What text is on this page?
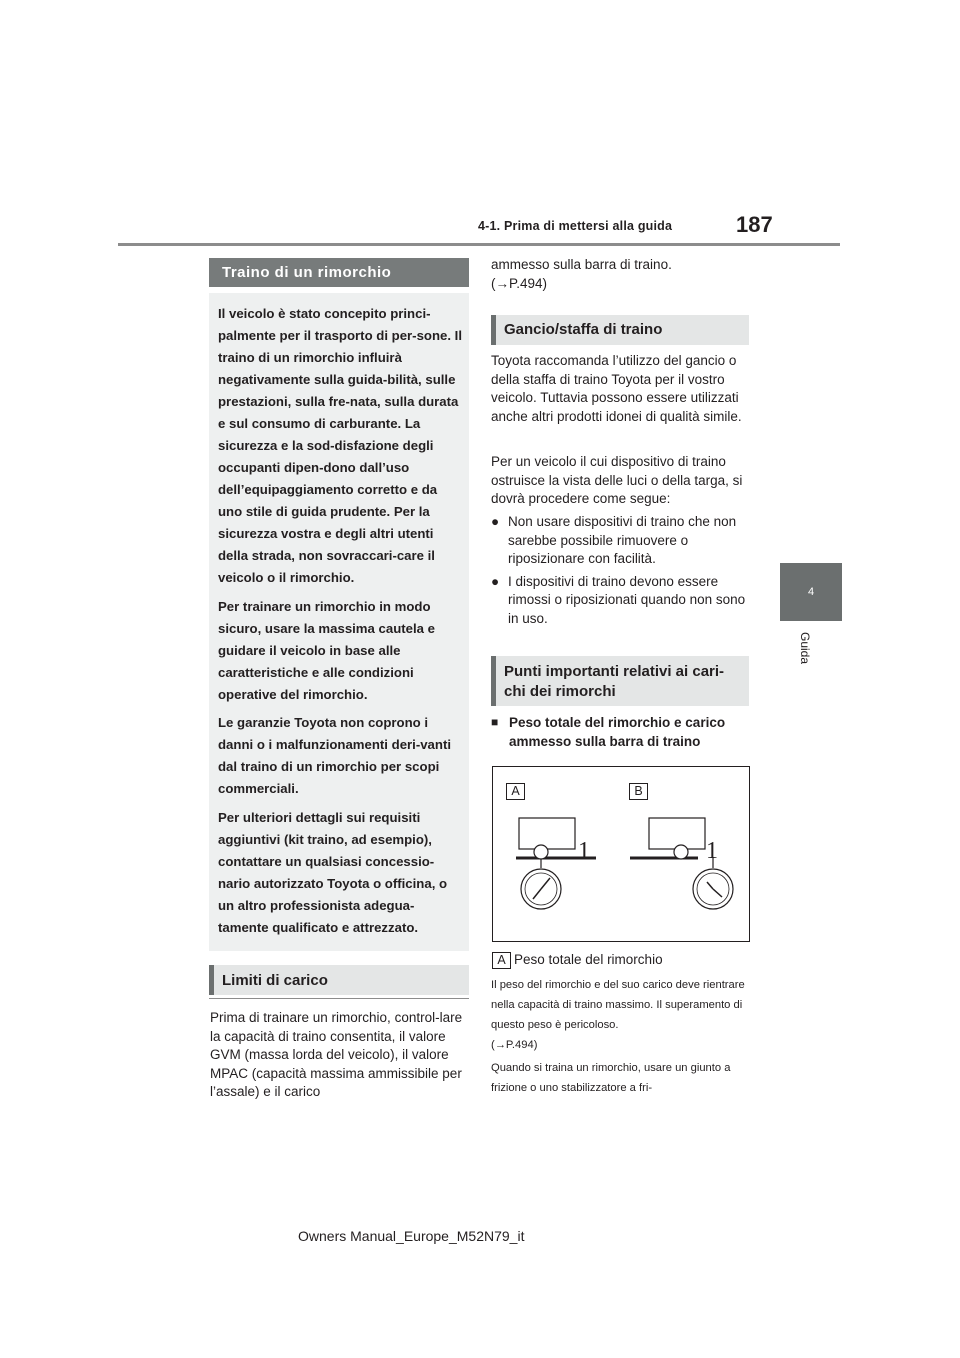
4-1. Prima di mettersi alla guida	187
4
Guida
Traino di un rimorchio

Il veicolo è stato concepito princi-palmente per il trasporto di per-sone. Il traino di un rimorchio influirà negativamente sulla guida-bilità, sulle prestazioni, sulla fre-nata, sulla durata e sul consumo di carburante. La sicurezza e la sod-disfazione degli occupanti dipen-dono dall’uso dell’equipaggiamento corretto e da uno stile di guida prudente. Per la sicurezza vostra e degli altri utenti della strada, non sovraccari-care il veicolo o il rimorchio.

Per trainare un rimorchio in modo sicuro, usare la massima cautela e guidare il veicolo in base alle caratteristiche e alle condizioni operative del rimorchio.

Le garanzie Toyota non coprono i danni o i malfunzionamenti deri-vanti dal traino di un rimorchio per scopi commerciali.

Per ulteriori dettagli sui requisiti aggiuntivi (kit traino, ad esempio), contattare un qualsiasi concessio-nario autorizzato Toyota o officina, o un altro professionista adegua-tamente qualificato e attrezzato.

Limiti di carico
Prima di trainare un rimorchio, control-lare la capacità di traino consentita, il valore GVM (massa lorda del veicolo), il valore MPAC (capacità massima ammissibile per l’assale) e il carico
ammesso sulla barra di traino.
(→P.494)
Gancio/staffa di traino
Toyota raccomanda l’utilizzo del gancio o della staffa di traino Toyota per il vostro veicolo. Tuttavia possono essere utilizzati anche altri prodotti idonei di qualità simile.
Per un veicolo il cui dispositivo di traino ostruisce la vista delle luci o della targa, si dovrà procedere come segue:
● Non usare dispositivi di traino che non sarebbe possibile rimuovere o riposizionare con facilità.
● I dispositivi di traino devono essere rimossi o riposizionati quando non sono in uso.
Punti importanti relativi ai cari-chi dei rimorchi
■ Peso totale del rimorchio e carico ammesso sulla barra di traino
A	B
1	1
A Peso totale del rimorchio
Il peso del rimorchio e del suo carico deve rientrare nella capacità di traino massimo. Il superamento di questo peso è pericoloso.
(→P.494)
Quando si traina un rimorchio, usare un giunto a frizione o uno stabilizzatore a fri-
Owners Manual_Europe_M52N79_it
